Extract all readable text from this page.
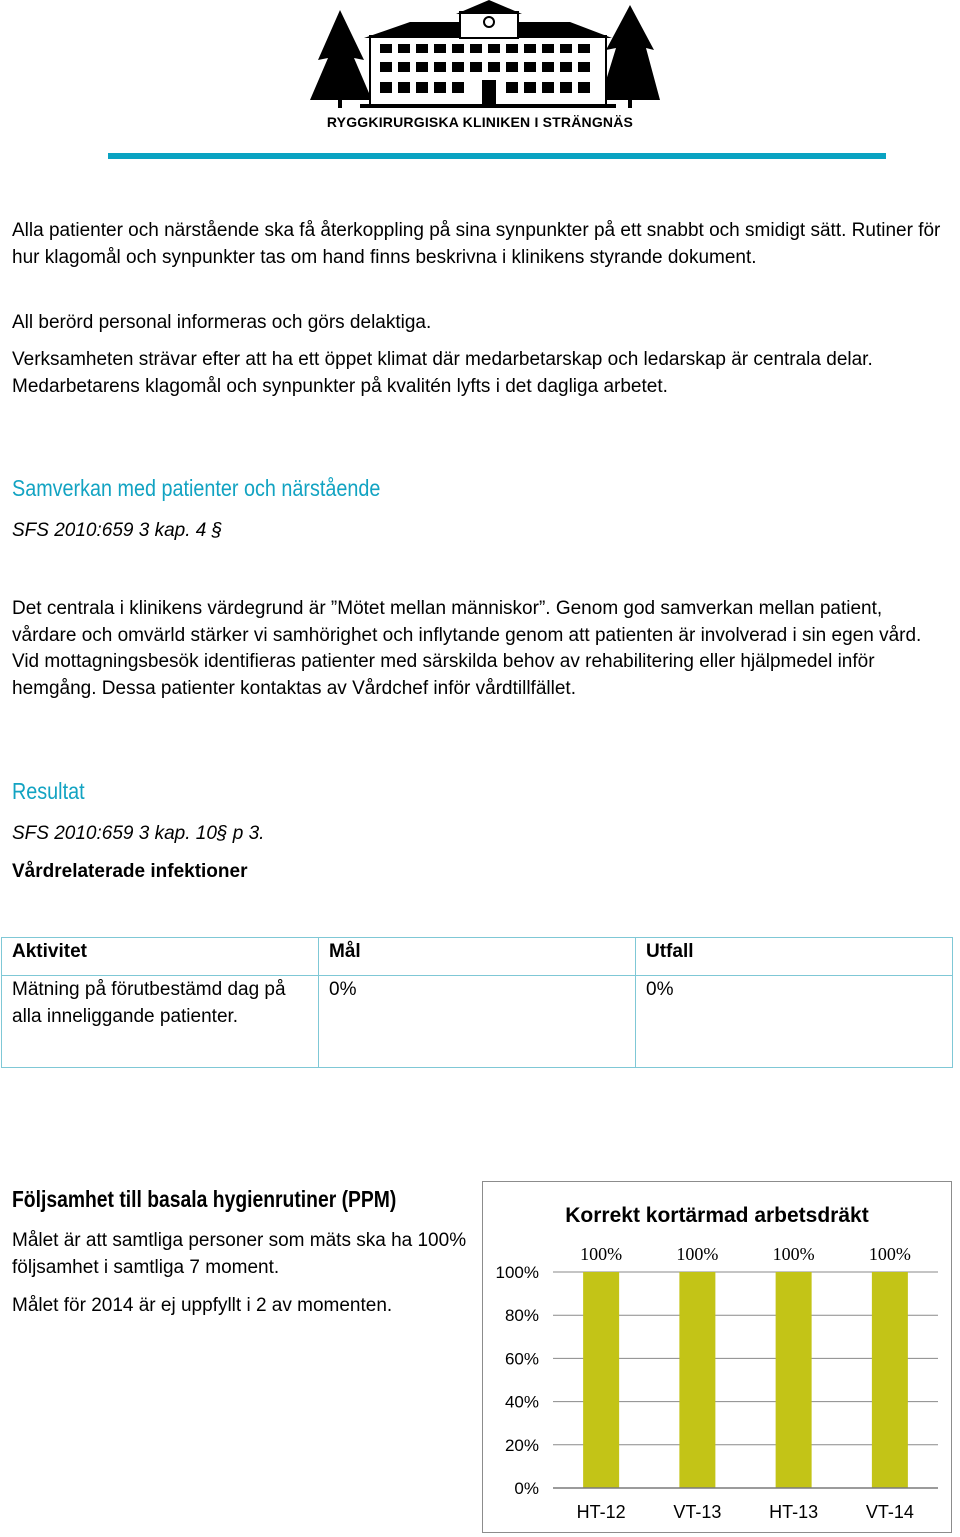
RYGGKIRURGISKA KLINIKEN I STRÄNGNÄS
Alla patienter och närstående ska få återkoppling på sina synpunkter på ett snabbt och smidigt sätt. Rutiner för hur klagomål och synpunkter tas om hand finns beskrivna i klinikens styrande dokument.
All berörd personal informeras och görs delaktiga.
Verksamheten strävar efter att ha ett öppet klimat där medarbetarskap och ledarskap är centrala delar. Medarbetarens klagomål och synpunkter på kvalitén lyfts i det dagliga arbetet.
Samverkan med patienter och närstående
SFS 2010:659 3 kap. 4 §
Det centrala i klinikens värdegrund är ”Mötet mellan människor”. Genom god samverkan mellan patient, vårdare och omvärld stärker vi samhörighet och inflytande genom att patienten är involverad i sin egen vård. Vid mottagningsbesök identifieras patienter med särskilda behov av rehabilitering eller hjälpmedel inför hemgång. Dessa patienter kontaktas av Vårdchef inför vårdtillfället.
Resultat
SFS 2010:659 3 kap. 10§ p 3.
Vårdrelaterade infektioner
Aktivitet	Mål	Utfall
Mätning på förutbestämd dag på alla inneliggande patienter.	0%	0%
Följsamhet till basala hygienrutiner (PPM)
Målet är att samtliga personer som mäts ska ha 100% följsamhet i samtliga 7 moment.
Målet för 2014 är ej uppfyllt i 2 av momenten.
Korrekt kortärmad arbetsdräkt
100%	100%	100%	100%
0%
20%
40%
60%
80%
100%
HT-12	VT-13	HT-13	VT-14
